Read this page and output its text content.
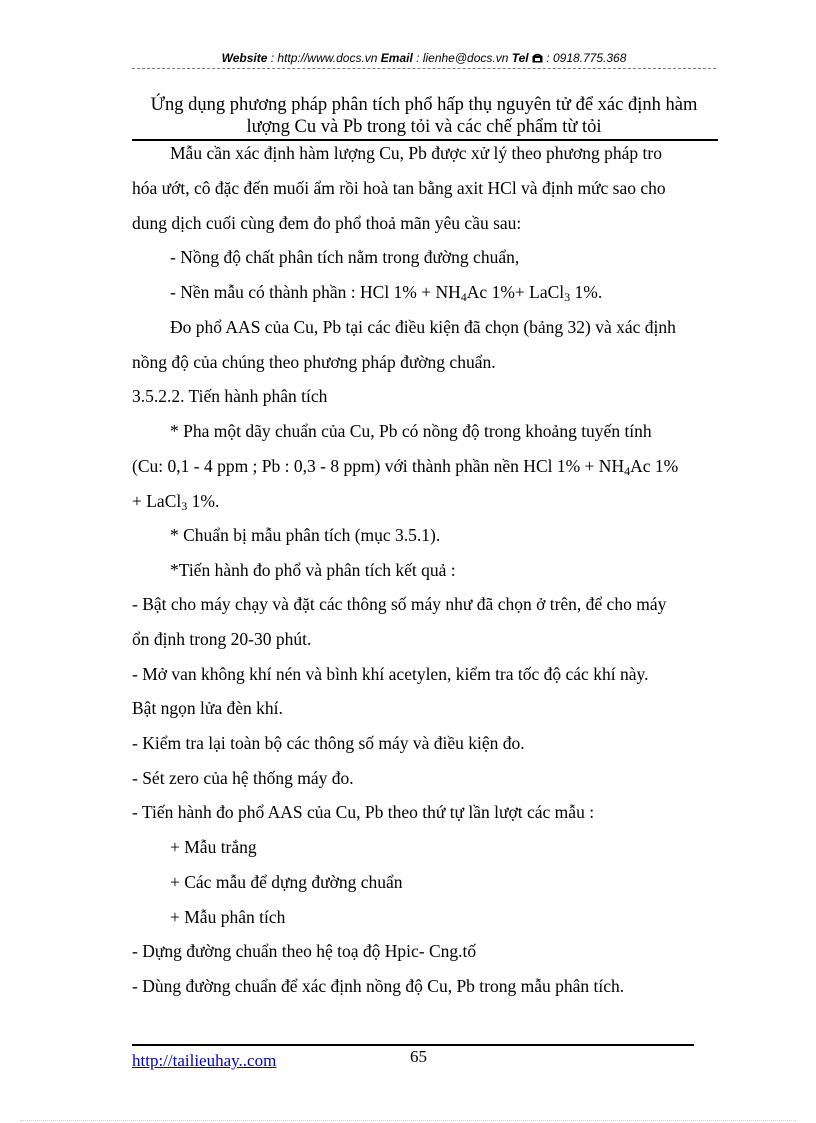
Website : http://www.docs.vn Email : lienhe@docs.vn Tel  : 0918.775.368
Ứng dụng phương pháp phân tích phổ hấp thụ nguyên tử để xác định hàm
lượng Cu và Pb trong tỏi và các chế phẩm từ tỏi
Mẫu cần xác định hàm lượng Cu, Pb được xử lý theo phương pháp tro
hóa ướt, cô đặc đến muối ẩm rồi hoà tan bằng axit HCl và định mức sao cho
dung dịch cuối cùng đem đo phổ thoả mãn yêu cầu sau:
- Nồng độ chất phân tích nằm trong đường chuẩn,
- Nền mẫu có thành phần : HCl $1\% + NH_4Ac$ 1%+ LaCl$_3$ 1%.
Đo phổ AAS của Cu, Pb tại các điều kiện đã chọn (bảng 32) và xác định
nồng độ của chúng theo phương pháp đường chuẩn.
3.5.2.2. Tiến hành phân tích
* Pha một dãy chuẩn của Cu, Pb có nồng độ trong khoảng tuyến tính
(Cu: 0,1 - 4 ppm ; Pb : 0,3 - 8 ppm) với thành phần nền HCl $1\% + NH_4Ac$ 1%
+ LaCl$_3$ 1%.
* Chuẩn bị mẫu phân tích (mục 3.5.1).
*Tiến hành đo phổ và phân tích kết quả :
- Bật cho máy chạy và đặt các thông số máy như đã chọn ở trên, để cho máy
ổn định trong 20-30 phút.
- Mở van không khí nén và bình khí acetylen, kiểm tra tốc độ các khí này.
Bật ngọn lửa đèn khí.
- Kiểm tra lại toàn bộ các thông số máy và điều kiện đo.
- Sét zero của hệ thống máy đo.
- Tiến hành đo phổ AAS của Cu, Pb theo thứ tự lần lượt các mẫu :
+ Mẫu trắng
+ Các mẫu để dựng đường chuẩn
+ Mẫu phân tích
- Dựng đường chuẩn theo hệ toạ độ Hpic- Cng.tố
- Dùng đường chuẩn để xác định nồng độ Cu, Pb trong mẫu phân tích.
http://tailieuhay..com	65
